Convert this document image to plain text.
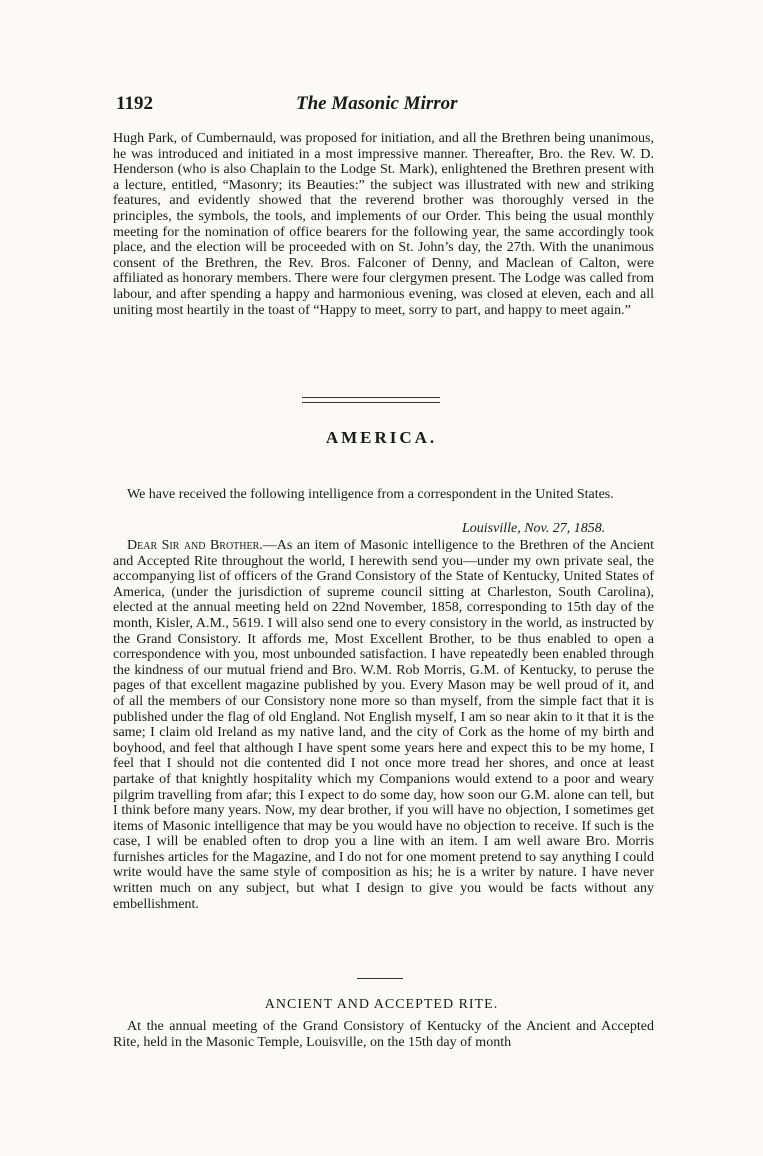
1192	The Masonic Mirror

Hugh Park, of Cumbernauld, was proposed for initiation, and all the Brethren being unanimous, he was introduced and initiated in a most impressive manner. Thereafter, Bro. the Rev. W. D. Henderson (who is also Chaplain to the Lodge St. Mark), enlightened the Brethren present with a lecture, entitled, “Masonry; its Beauties:” the subject was illustrated with new and striking features, and evidently showed that the reverend brother was thoroughly versed in the principles, the symbols, the tools, and implements of our Order. This being the usual monthly meeting for the nomination of office bearers for the following year, the same accordingly took place, and the election will be proceeded with on St. John’s day, the 27th. With the unanimous consent of the Brethren, the Rev. Bros. Falconer of Denny, and Maclean of Calton, were affiliated as honorary members. There were four clergymen present. The Lodge was called from labour, and after spending a happy and harmonious evening, was closed at eleven, each and all uniting most heartily in the toast of “Happy to meet, sorry to part, and happy to meet again.”

AMERICA.

We have received the following intelligence from a correspondent in the United States.

Louisville, Nov. 27, 1858.

Dear Sir and Brother.—As an item of Masonic intelligence to the Brethren of the Ancient and Accepted Rite throughout the world, I herewith send you—under my own private seal, the accompanying list of officers of the Grand Consistory of the State of Kentucky, United States of America, (under the jurisdiction of supreme council sitting at Charleston, South Carolina), elected at the annual meeting held on 22nd November, 1858, corresponding to 15th day of the month, Kisler, A.M., 5619. I will also send one to every consistory in the world, as instructed by the Grand Consistory. It affords me, Most Excellent Brother, to be thus enabled to open a correspondence with you, most unbounded satisfaction. I have repeatedly been enabled through the kindness of our mutual friend and Bro. W.M. Rob Morris, G.M. of Kentucky, to peruse the pages of that excellent magazine published by you. Every Mason may be well proud of it, and of all the members of our Consistory none more so than myself, from the simple fact that it is published under the flag of old England. Not English myself, I am so near akin to it that it is the same; I claim old Ireland as my native land, and the city of Cork as the home of my birth and boyhood, and feel that although I have spent some years here and expect this to be my home, I feel that I should not die contented did I not once more tread her shores, and once at least partake of that knightly hospitality which my Companions would extend to a poor and weary pilgrim travelling from afar; this I expect to do some day, how soon our G.M. alone can tell, but I think before many years. Now, my dear brother, if you will have no objection, I sometimes get items of Masonic intelligence that may be you would have no objection to receive. If such is the case, I will be enabled often to drop you a line with an item. I am well aware Bro. Morris furnishes articles for the Magazine, and I do not for one moment pretend to say anything I could write would have the same style of composition as his; he is a writer by nature. I have never written much on any subject, but what I design to give you would be facts without any embellishment.

ANCIENT AND ACCEPTED RITE.

At the annual meeting of the Grand Consistory of Kentucky of the Ancient and Accepted Rite, held in the Masonic Temple, Louisville, on the 15th day of month
